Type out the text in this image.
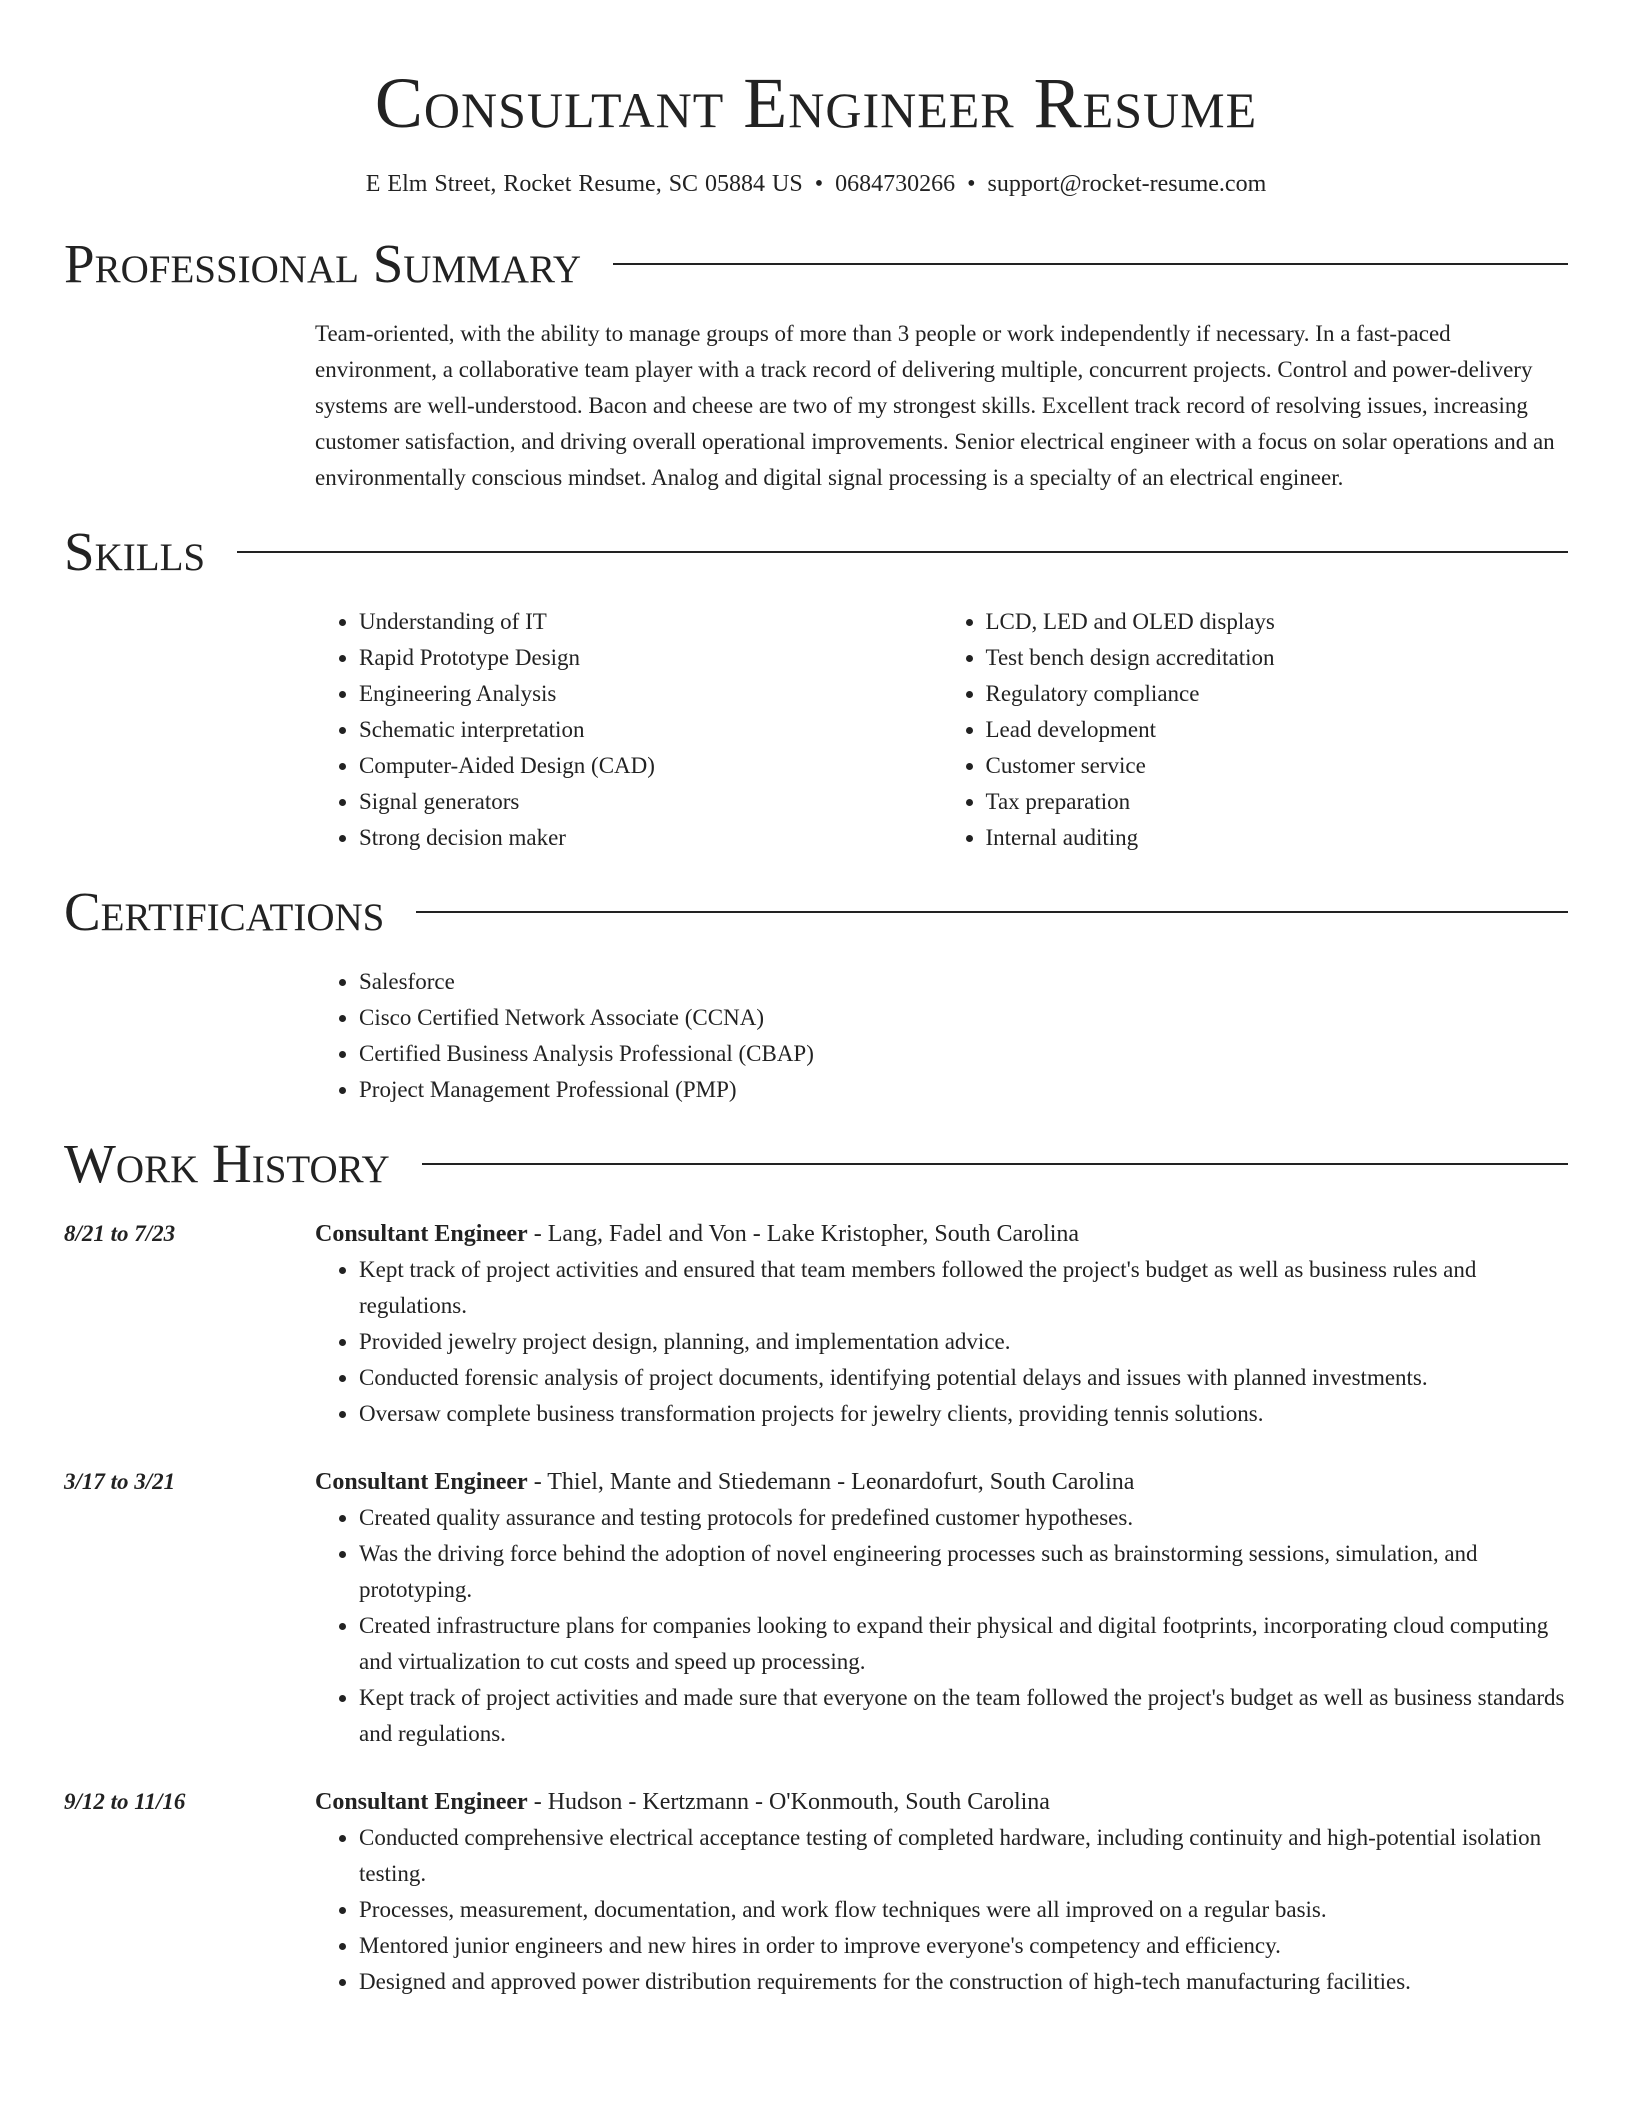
Consultant Engineer Resume
E Elm Street, Rocket Resume, SC 05884 US • 0684730266 • support@rocket-resume.com
Professional Summary
Team-oriented, with the ability to manage groups of more than 3 people or work independently if necessary. In a fast-paced environment, a collaborative team player with a track record of delivering multiple, concurrent projects. Control and power-delivery systems are well-understood. Bacon and cheese are two of my strongest skills. Excellent track record of resolving issues, increasing customer satisfaction, and driving overall operational improvements. Senior electrical engineer with a focus on solar operations and an environmentally conscious mindset. Analog and digital signal processing is a specialty of an electrical engineer.
Skills
• Understanding of IT
• Rapid Prototype Design
• Engineering Analysis
• Schematic interpretation
• Computer-Aided Design (CAD)
• Signal generators
• Strong decision maker
• LCD, LED and OLED displays
• Test bench design accreditation
• Regulatory compliance
• Lead development
• Customer service
• Tax preparation
• Internal auditing
Certifications
• Salesforce
• Cisco Certified Network Associate (CCNA)
• Certified Business Analysis Professional (CBAP)
• Project Management Professional (PMP)
Work History
8/21 to 7/23	Consultant Engineer - Lang, Fadel and Von - Lake Kristopher, South Carolina
• Kept track of project activities and ensured that team members followed the project's budget as well as business rules and regulations.
• Provided jewelry project design, planning, and implementation advice.
• Conducted forensic analysis of project documents, identifying potential delays and issues with planned investments.
• Oversaw complete business transformation projects for jewelry clients, providing tennis solutions.
3/17 to 3/21	Consultant Engineer - Thiel, Mante and Stiedemann - Leonardofurt, South Carolina
• Created quality assurance and testing protocols for predefined customer hypotheses.
• Was the driving force behind the adoption of novel engineering processes such as brainstorming sessions, simulation, and prototyping.
• Created infrastructure plans for companies looking to expand their physical and digital footprints, incorporating cloud computing and virtualization to cut costs and speed up processing.
• Kept track of project activities and made sure that everyone on the team followed the project's budget as well as business standards and regulations.
9/12 to 11/16	Consultant Engineer - Hudson - Kertzmann - O'Konmouth, South Carolina
• Conducted comprehensive electrical acceptance testing of completed hardware, including continuity and high-potential isolation testing.
• Processes, measurement, documentation, and work flow techniques were all improved on a regular basis.
• Mentored junior engineers and new hires in order to improve everyone's competency and efficiency.
• Designed and approved power distribution requirements for the construction of high-tech manufacturing facilities.
